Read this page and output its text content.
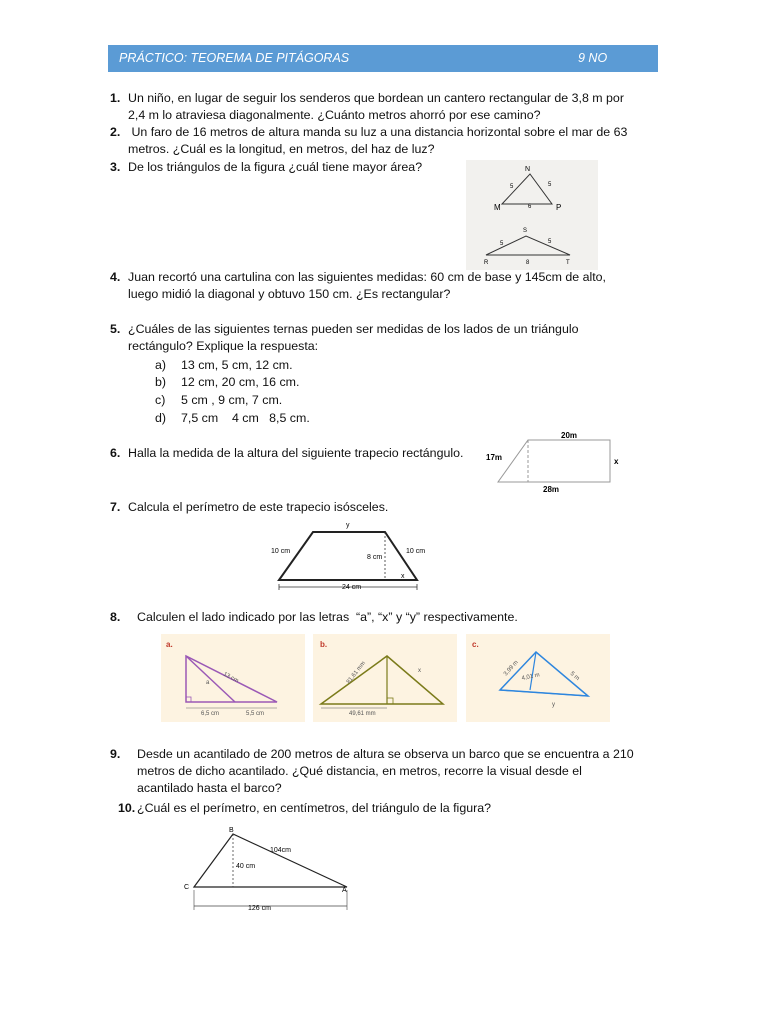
PRÁCTICO: TEOREMA DE PITÁGORAS	9 NO
1. Un niño, en lugar de seguir los senderos que bordean un cantero rectangular de 3,8 m por
2,4 m lo atraviesa diagonalmente. ¿Cuánto metros ahorró por ese camino?
2. Un faro de 16 metros de altura manda su luz a una distancia horizontal sobre el mar de 63
metros. ¿Cuál es la longitud, en metros, del haz de luz?
3. De los triángulos de la figura ¿cuál tiene mayor área?	N
M	P
5	5
6
S
R	T
5	5
8
4. Juan recortó una cartulina con las siguientes medidas: 60 cm de base y 145cm de alto,
luego midió la diagonal y obtuvo 150 cm. ¿Es rectangular?
5. ¿Cuáles de las siguientes ternas pueden ser medidas de los lados de un triángulo
rectángulo? Explique la respuesta:
a) 13 cm, 5 cm, 12 cm.
b) 12 cm, 20 cm, 16 cm.
c) 5 cm , 9 cm, 7 cm.
d) 7,5 cm    4 cm   8,5 cm.
6. Halla la medida de la altura del siguiente trapecio rectángulo.
20m
17m
28m
x
7. Calcula el perímetro de este trapecio isósceles.
y
10 cm	10 cm
8 cm
24 cm
x
8. Calculen el lado indicado por las letras  “a”, “x” y “y” respectivamente.
a.
13 cm
a
6,5 cm	5,5 cm
b.
81,61 mm	x
49,61 mm
c.
3,99 m 4,01 m	5 m
y
9. Desde un acantilado de 200 metros de altura se observa un barco que se encuentra a 210
metros de dicho acantilado. ¿Qué distancia, en metros, recorre la visual desde el
acantilado hasta el barco?
10. ¿Cuál es el perímetro, en centímetros, del triángulo de la figura?
B
C	A
104cm
40 cm
126 cm
